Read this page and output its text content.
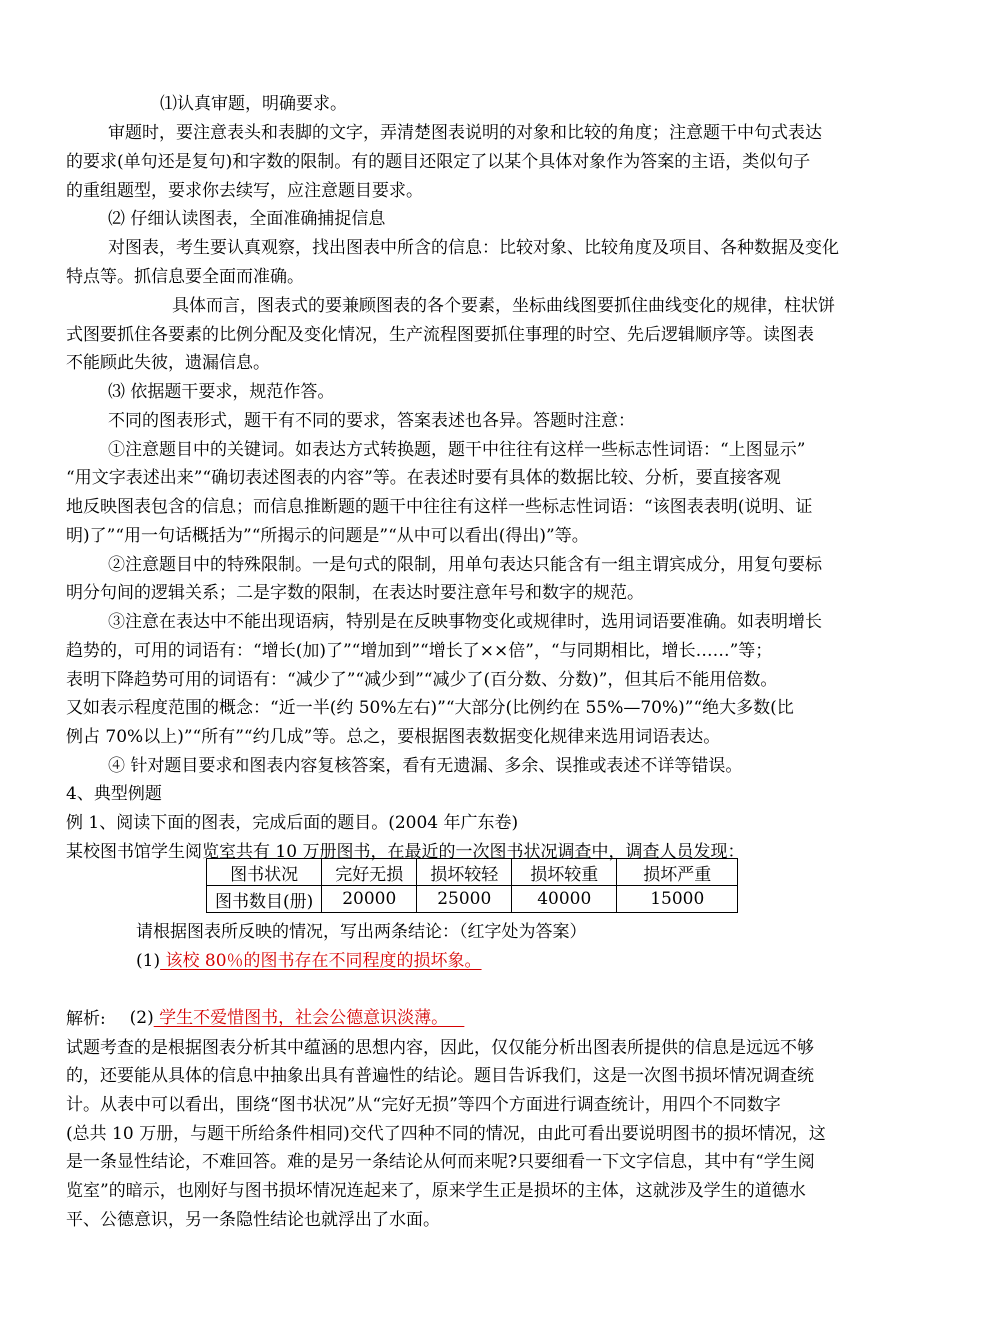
⑴认真审题，明确要求。
审题时，要注意表头和表脚的文字，弄清楚图表说明的对象和比较的角度；注意题干中句式表达
的要求(单句还是复句)和字数的限制。有的题目还限定了以某个具体对象作为答案的主语，类似句子
的重组题型，要求你去续写，应注意题目要求。
⑵ 仔细认读图表，全面准确捕捉信息
对图表，考生要认真观察，找出图表中所含的信息：比较对象、比较角度及项目、各种数据及变化
特点等。抓信息要全面而准确。
具体而言，图表式的要兼顾图表的各个要素，坐标曲线图要抓住曲线变化的规律，柱状饼
式图要抓住各要素的比例分配及变化情况，生产流程图要抓住事理的时空、先后逻辑顺序等。读图表
不能顾此失彼，遗漏信息。
⑶ 依据题干要求，规范作答。
不同的图表形式，题干有不同的要求，答案表述也各异。答题时注意：
①注意题目中的关键词。如表达方式转换题，题干中往往有这样一些标志性词语：“上图显示”
“用文字表述出来”“确切表述图表的内容”等。在表述时要有具体的数据比较、分析，要直接客观
地反映图表包含的信息；而信息推断题的题干中往往有这样一些标志性词语：“该图表表明(说明、证
明)了”“用一句话概括为”“所揭示的问题是”“从中可以看出(得出)”等。
②注意题目中的特殊限制。一是句式的限制，用单句表达只能含有一组主谓宾成分，用复句要标
明分句间的逻辑关系；二是字数的限制，在表达时要注意年号和数字的规范。
③注意在表达中不能出现语病，特别是在反映事物变化或规律时，选用词语要准确。如表明增长
趋势的，可用的词语有：“增长(加)了”“增加到”“增长了××倍”，“与同期相比，增长……”等；
表明下降趋势可用的词语有：“减少了”“减少到”“减少了(百分数、分数)”，但其后不能用倍数。
又如表示程度范围的概念：“近一半(约 50%左右)”“大部分(比例约在 55%—70%)”“绝大多数(比
例占 70%以上)”“所有”“约几成”等。总之，要根据图表数据变化规律来选用词语表达。
④ 针对题目要求和图表内容复核答案，看有无遗漏、多余、误推或表述不详等错误。
4、典型例题
例 1、阅读下面的图表，完成后面的题目。(2004 年广东卷)
某校图书馆学生阅览室共有 10 万册图书，在最近的一次图书状况调查中，调查人员发现：
图书状况	完好无损	损坏较轻	损坏较重	损坏严重
图书数目(册)	20000	25000	40000	15000
请根据图表所反映的情况，写出两条结论：（红字处为答案）
(1) 该校 80％的图书存在不同程度的损坏象。

(2) 学生不爱惜图书，社会公德意识淡薄。

解析:
试题考查的是根据图表分析其中蕴涵的思想内容，因此，仅仅能分析出图表所提供的信息是远远不够
的，还要能从具体的信息中抽象出具有普遍性的结论。题目告诉我们，这是一次图书损坏情况调查统
计。从表中可以看出，围绕“图书状况”从“完好无损”等四个方面进行调查统计，用四个不同数字
(总共 10 万册，与题干所给条件相同)交代了四种不同的情况，由此可看出要说明图书的损坏情况，这
是一条显性结论，不难回答。难的是另一条结论从何而来呢?只要细看一下文字信息，其中有“学生阅
览室”的暗示，也刚好与图书损坏情况连起来了，原来学生正是损坏的主体，这就涉及学生的道德水
平、公德意识，另一条隐性结论也就浮出了水面。
